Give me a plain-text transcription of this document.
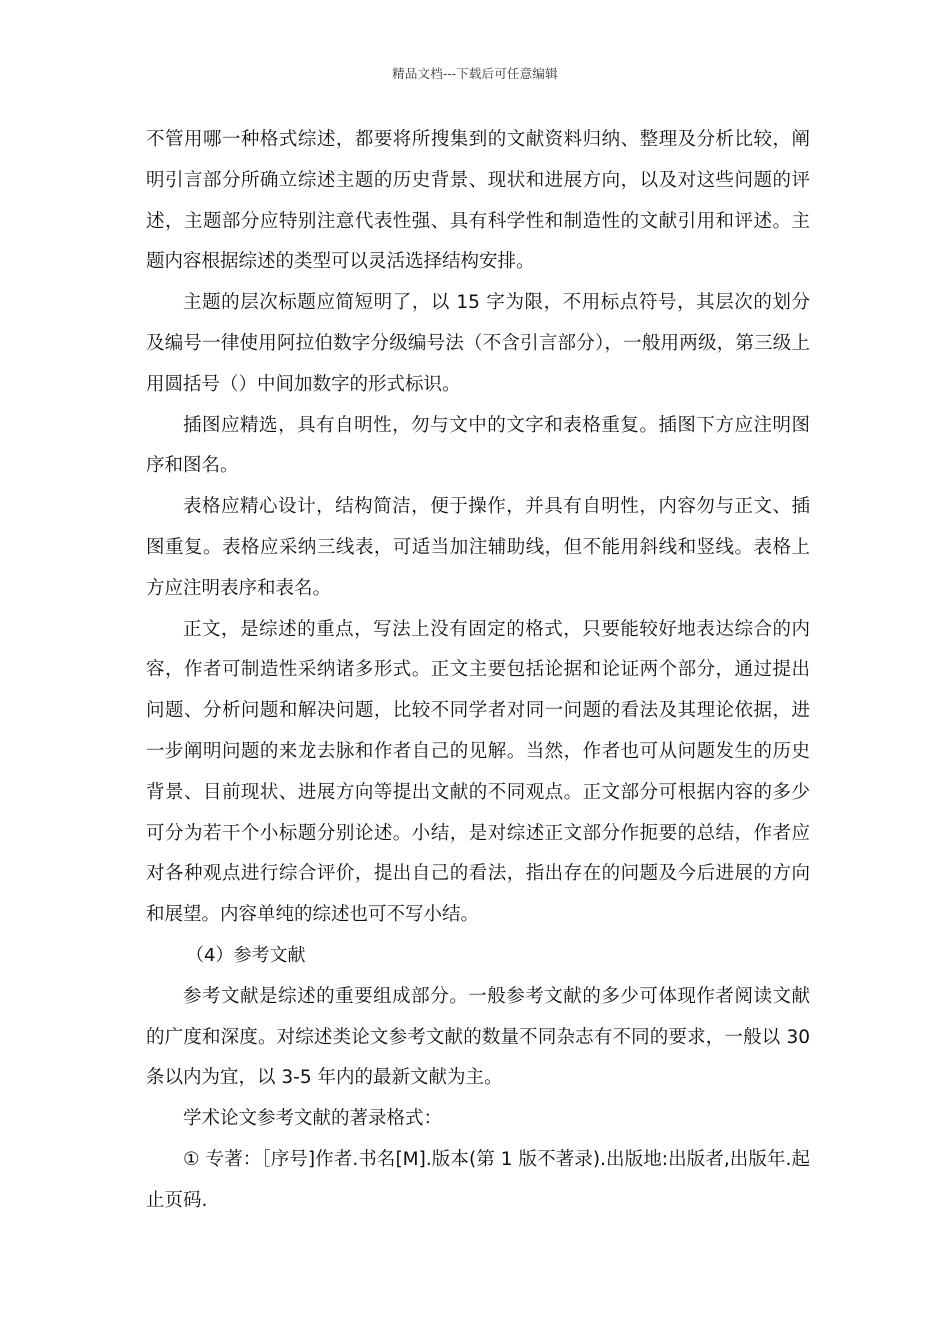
精品文档---下载后可任意编辑

不管用哪一种格式综述，都要将所搜集到的文献资料归纳、整理及分析比较，阐明引言部分所确立综述主题的历史背景、现状和进展方向，以及对这些问题的评述，主题部分应特别注意代表性强、具有科学性和制造性的文献引用和评述。主题内容根据综述的类型可以灵活选择结构安排。

主题的层次标题应简短明了，以 15 字为限，不用标点符号，其层次的划分及编号一律使用阿拉伯数字分级编号法（不含引言部分），一般用两级，第三级上用圆括号（）中间加数字的形式标识。

插图应精选，具有自明性，勿与文中的文字和表格重复。插图下方应注明图序和图名。

表格应精心设计，结构简洁，便于操作，并具有自明性，内容勿与正文、插图重复。表格应采纳三线表，可适当加注辅助线，但不能用斜线和竖线。表格上方应注明表序和表名。

正文，是综述的重点，写法上没有固定的格式，只要能较好地表达综合的内容，作者可制造性采纳诸多形式。正文主要包括论据和论证两个部分，通过提出问题、分析问题和解决问题，比较不同学者对同一问题的看法及其理论依据，进一步阐明问题的来龙去脉和作者自己的见解。当然，作者也可从问题发生的历史背景、目前现状、进展方向等提出文献的不同观点。正文部分可根据内容的多少可分为若干个小标题分别论述。小结，是对综述正文部分作扼要的总结，作者应对各种观点进行综合评价，提出自己的看法，指出存在的问题及今后进展的方向和展望。内容单纯的综述也可不写小结。

（4）参考文献

参考文献是综述的重要组成部分。一般参考文献的多少可体现作者阅读文献的广度和深度。对综述类论文参考文献的数量不同杂志有不同的要求，一般以 30 条以内为宜，以 3-5 年内的最新文献为主。

学术论文参考文献的著录格式：

① 专著：［序号]作者.书名[M].版本(第 1 版不著录).出版地:出版者,出版年.起止页码.
